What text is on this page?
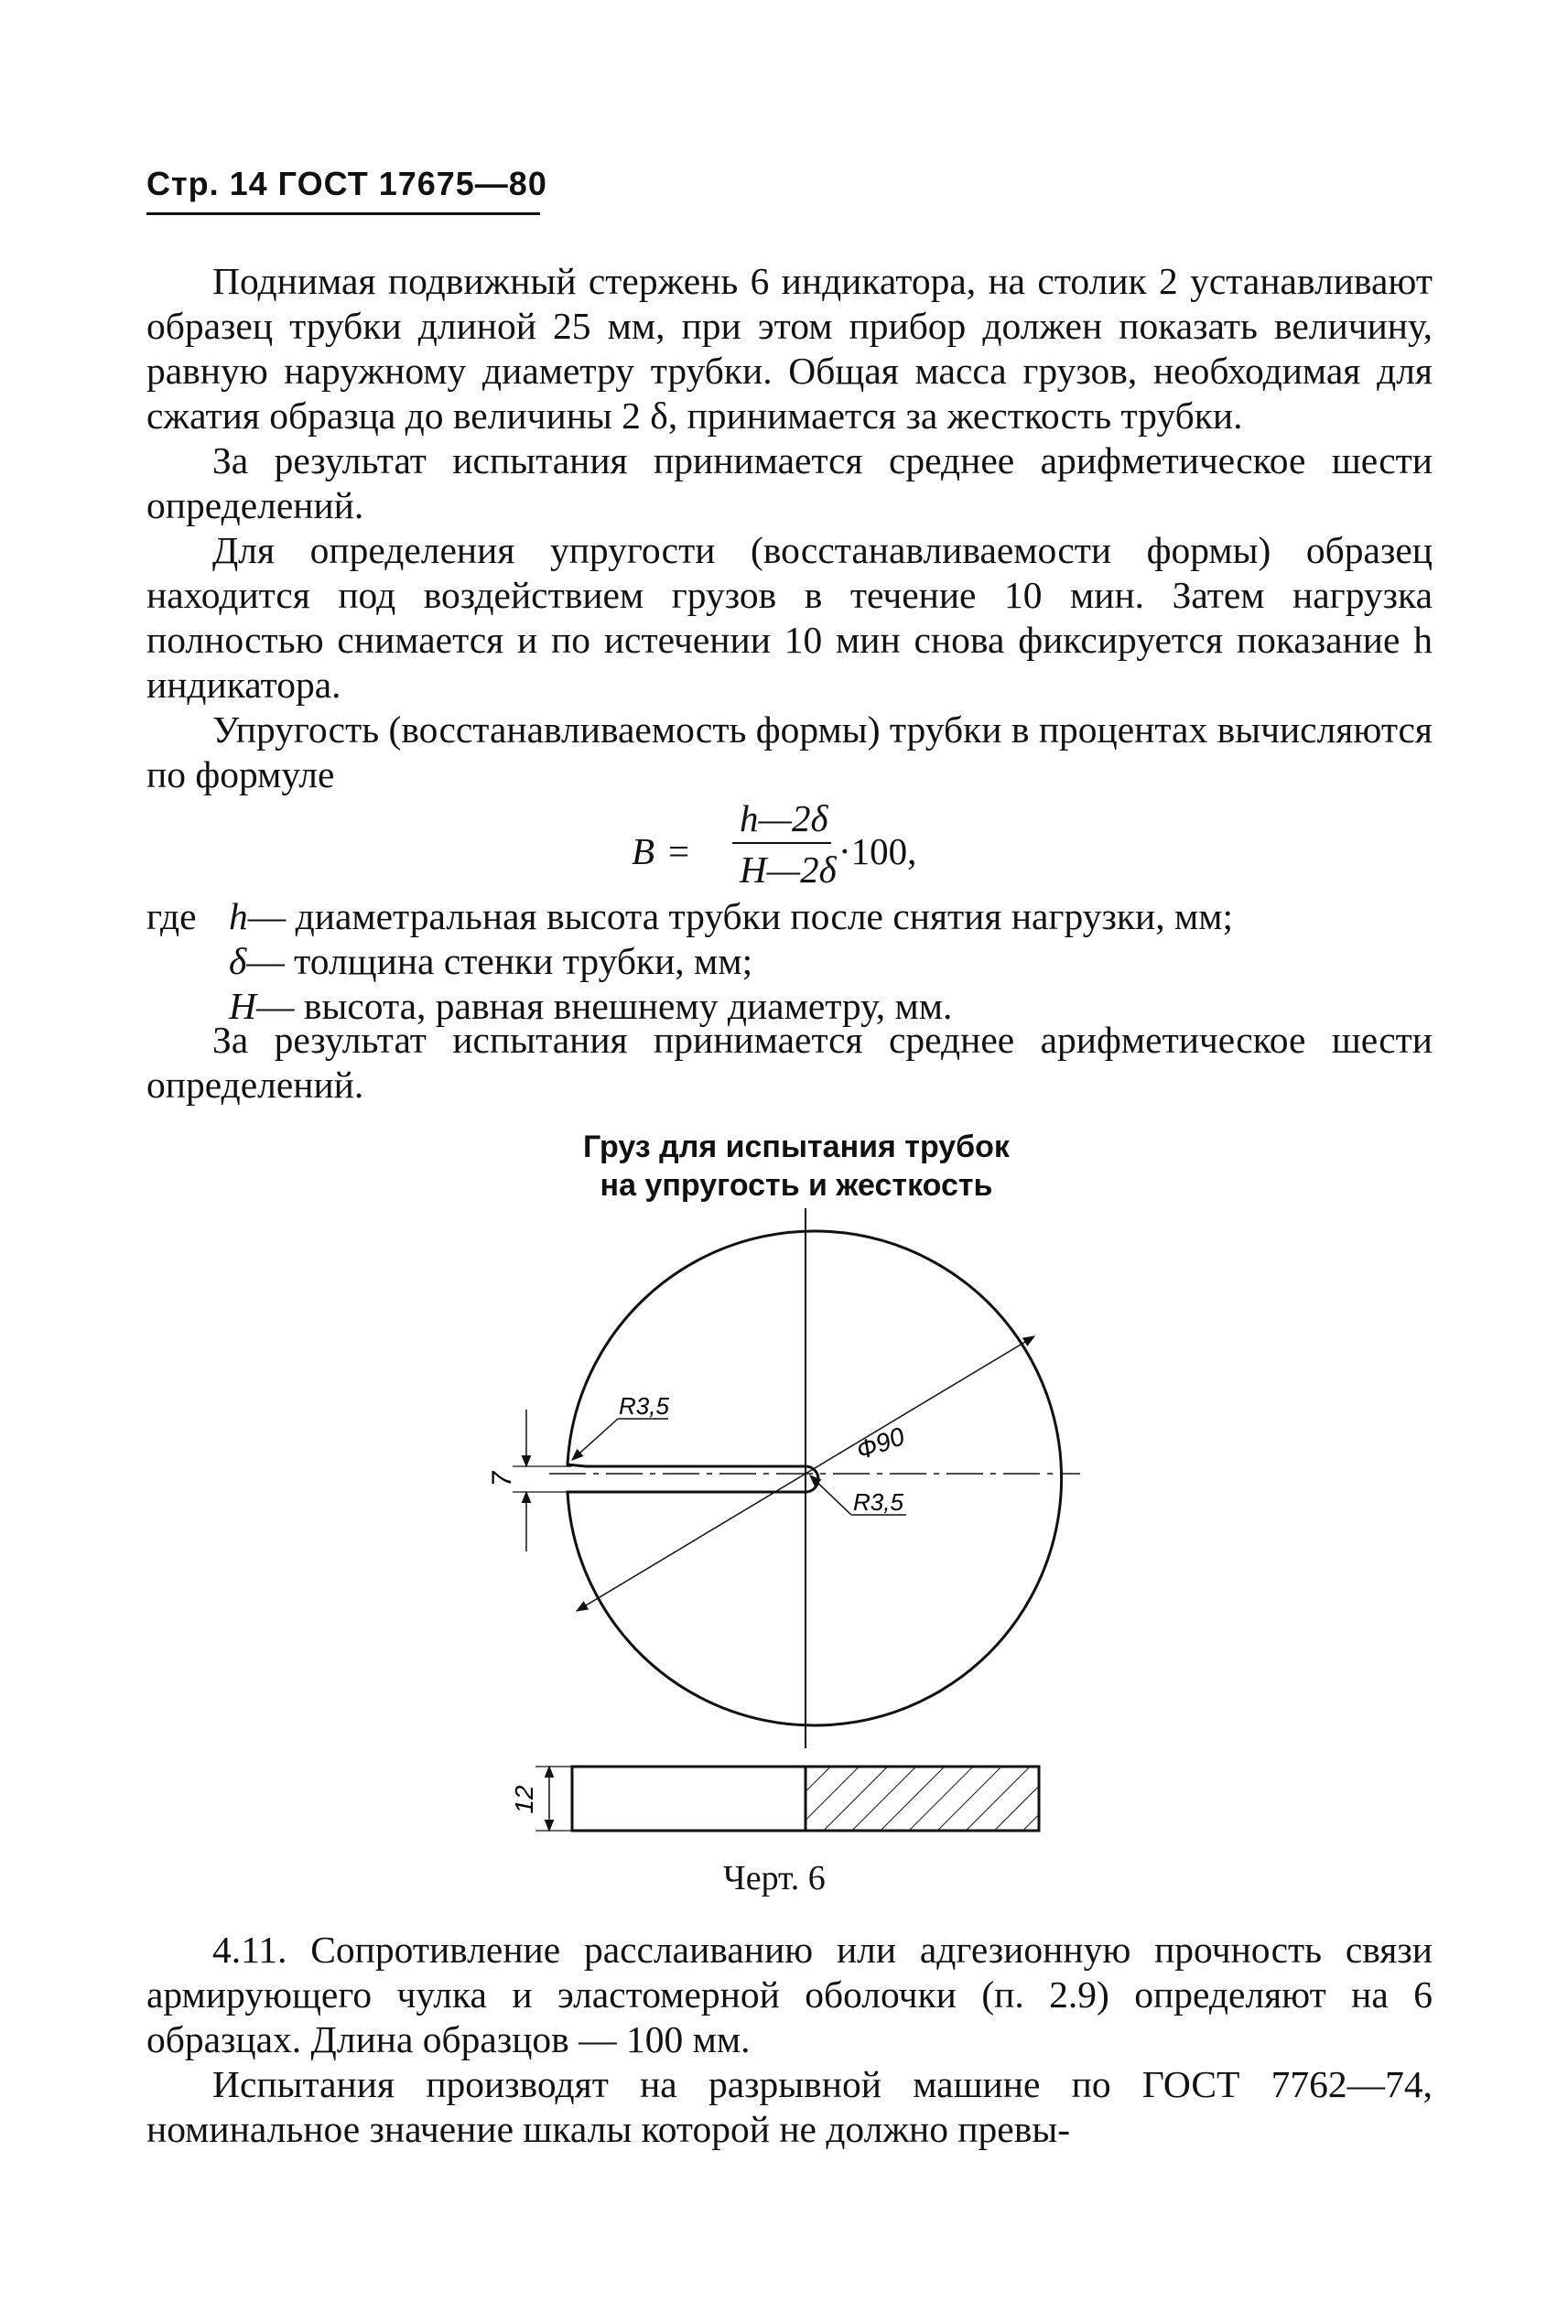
Стр. 14 ГОСТ 17675—80

Поднимая подвижный стержень 6 индикатора, на столик 2 устанавливают образец трубки длиной 25 мм, при этом прибор должен показать величину, равную наружному диаметру трубки. Общая масса грузов, необходимая для сжатия образца до величины 2 δ, принимается за жесткость трубки.

За результат испытания принимается среднее арифметическое шести определений.

Для определения упругости (восстанавливаемости формы) образец находится под воздействием грузов в течение 10 мин. Затем нагрузка полностью снимается и по истечении 10 мин снова фиксируется показание h индикатора.

Упругость (восстанавливаемость формы) трубки в процентах вычисляются по формуле

B =
h—2δ
H—2δ ·100,
где h — диаметральная высота трубки после снятия нагрузки, мм;
δ — толщина стенки трубки, мм;
H — высота, равная внешнему диаметру, мм.

За результат испытания принимается среднее арифметическое шести определений.

Груз для испытания трубок
на упругость и жесткость
Ф90
R3,5
R3,5
7
12
Черт. 6

4.11. Сопротивление расслаиванию или адгезионную прочность связи армирующего чулка и эластомерной оболочки (п. 2.9) определяют на 6 образцах. Длина образцов — 100 мм.

Испытания производят на разрывной машине по ГОСТ 7762—74, номинальное значение шкалы которой не должно превы-
